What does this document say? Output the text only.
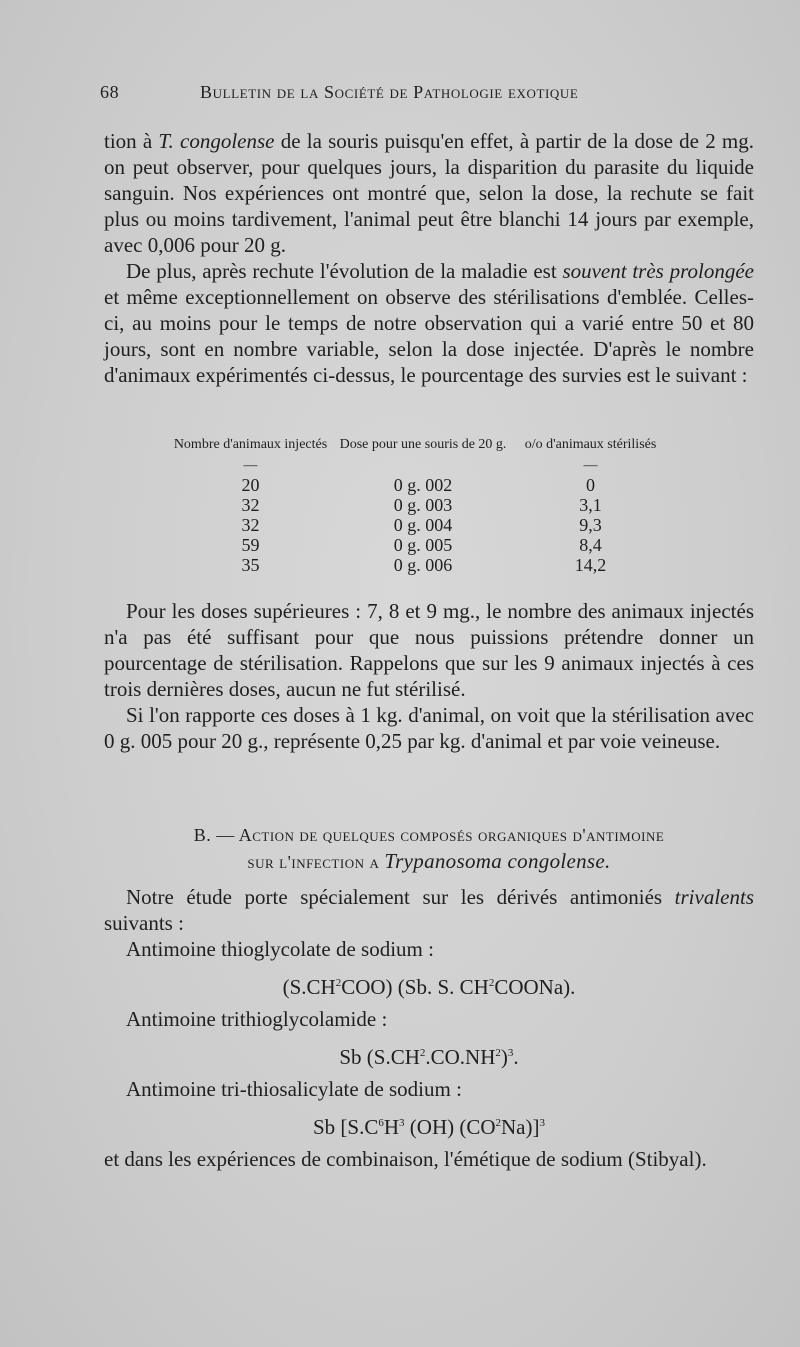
68	Bulletin de la Société de Pathologie exotique

tion à T. congolense de la souris puisqu'en effet, à partir de la dose de 2 mg. on peut observer, pour quelques jours, la disparition du parasite du liquide sanguin. Nos expériences ont montré que, selon la dose, la rechute se fait plus ou moins tardivement, l'animal peut être blanchi 14 jours par exemple, avec 0,006 pour 20 g.

De plus, après rechute l'évolution de la maladie est souvent très prolongée et même exceptionnellement on observe des stérilisations d'emblée. Celles-ci, au moins pour le temps de notre observation qui a varié entre 50 et 80 jours, sont en nombre variable, selon la dose injectée. D'après le nombre d'animaux expérimentés ci-dessus, le pourcentage des survies est le suivant :

Nombre d'animaux injectés	Dose pour une souris de 20 g.	o/o d'animaux stérilisés

—		—

20	0 g. 002	0
32	0 g. 003	3,1
32	0 g. 004	9,3
59	0 g. 005	8,4
35	0 g. 006	14,2

Pour les doses supérieures : 7, 8 et 9 mg., le nombre des animaux injectés n'a pas été suffisant pour que nous puissions prétendre donner un pourcentage de stérilisation. Rappelons que sur les 9 animaux injectés à ces trois dernières doses, aucun ne fut stérilisé.

Si l'on rapporte ces doses à 1 kg. d'animal, on voit que la stérilisation avec 0 g. 005 pour 20 g., représente 0,25 par kg. d'animal et par voie veineuse.

B. — Action de quelques composés organiques d'antimoine
sur l'infection a Trypanosoma congolense.

Notre étude porte spécialement sur les dérivés antimoniés trivalents suivants :

Antimoine thioglycolate de sodium :

$(S.CH^2COO)$ (Sb. S. $CH^2COONa$).

Antimoine trithioglycolamide :

Sb $(S.CH^2.CO.NH^2)^3$.

Antimoine tri-thiosalicylate de sodium :

Sb [$S.C^6H^3$ (OH) $(CO^2Na)]^3$

et dans les expériences de combinaison, l'émétique de sodium (Stibyal).
